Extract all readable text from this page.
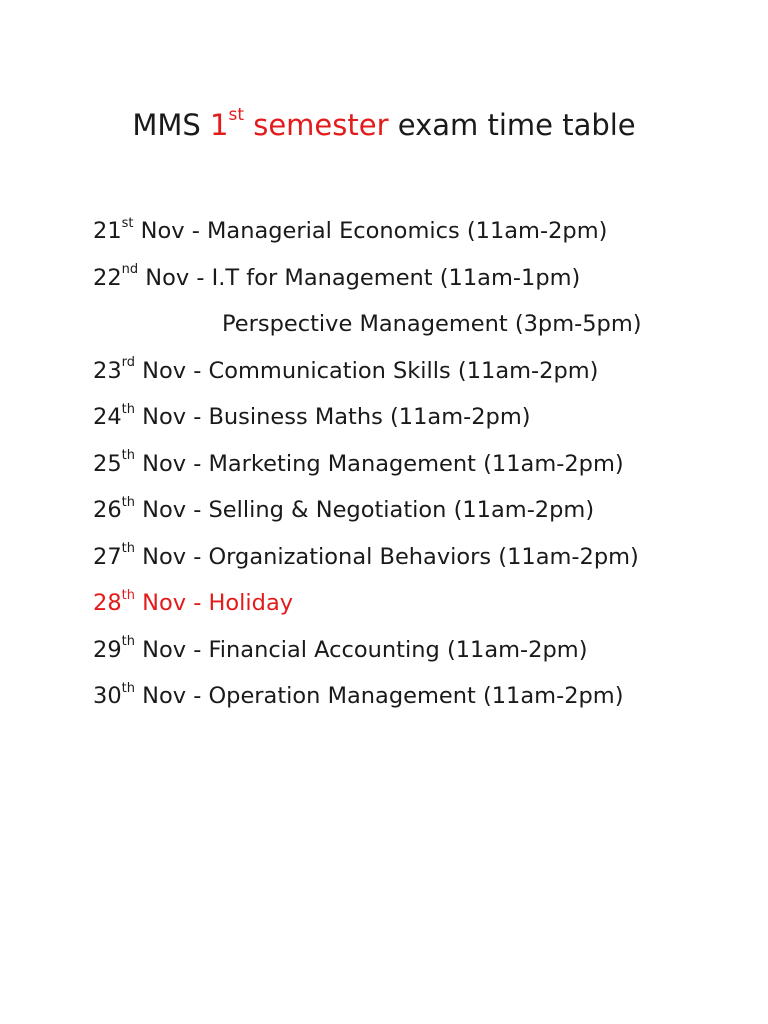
MMS 1st semester exam time table
21st Nov - Managerial Economics (11am-2pm)
22nd Nov - I.T for Management (11am-1pm)
Perspective Management (3pm-5pm)
23rd Nov - Communication Skills (11am-2pm)
24th Nov - Business Maths (11am-2pm)
25th Nov - Marketing Management (11am-2pm)
26th Nov - Selling & Negotiation (11am-2pm)
27th Nov - Organizational Behaviors (11am-2pm)
28th Nov - Holiday
29th Nov - Financial Accounting (11am-2pm)
30th Nov - Operation Management (11am-2pm)
